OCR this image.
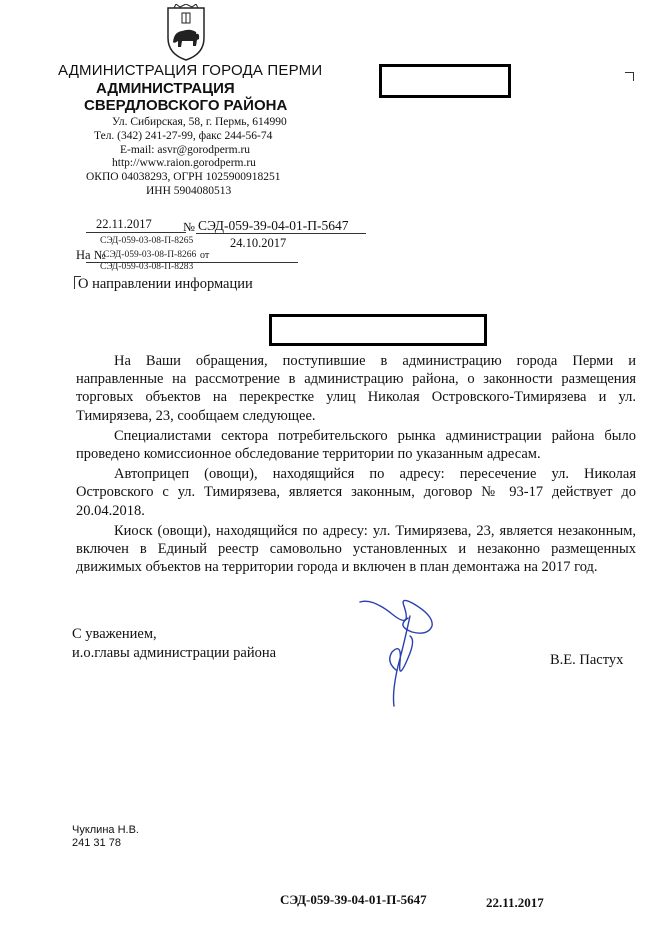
АДМИНИСТРАЦИЯ ГОРОДА ПЕРМИ
АДМИНИСТРАЦИЯ
СВЕРДЛОВСКОГО РАЙОНА
Ул. Сибирская, 58, г. Пермь, 614990
Тел. (342) 241-27-99, факс 244-56-74
E-mail: asvr@gorodperm.ru
http://www.raion.gorodperm.ru
ОКПО 04038293, ОГРН 1025900918251
ИНН 5904080513
22.11.2017 № СЭД-059-39-04-01-П-5647
СЭД-059-03-08-П-8265	24.10.2017
На №
СЭД-059-03-08-П-8266 от
СЭД-059-03-08-П-8283
О направлении информации

На Ваши обращения, поступившие в администрацию города Перми и направленные на рассмотрение в администрацию района, о законности размещения торговых объектов на перекрестке улиц Николая Островского-Тимирязева и ул. Тимирязева, 23, сообщаем следующее.

Специалистами сектора потребительского рынка администрации района было проведено комиссионное обследование территории по указанным адресам.

Автоприцеп (овощи), находящийся по адресу: пересечение ул. Николая Островского с ул. Тимирязева, является законным, договор № 93-17 действует до 20.04.2018.

Киоск (овощи), находящийся по адресу: ул. Тимирязева, 23, является незаконным, включен в Единый реестр самовольно установленных и незаконно размещенных движимых объектов на территории города и включен в план демонтажа на 2017 год.

С уважением,
и.о.главы администрации района	В.Е. Пастух
Чуклина Н.В.
241 31 78
СЭД-059-39-04-01-П-5647	22.11.2017
